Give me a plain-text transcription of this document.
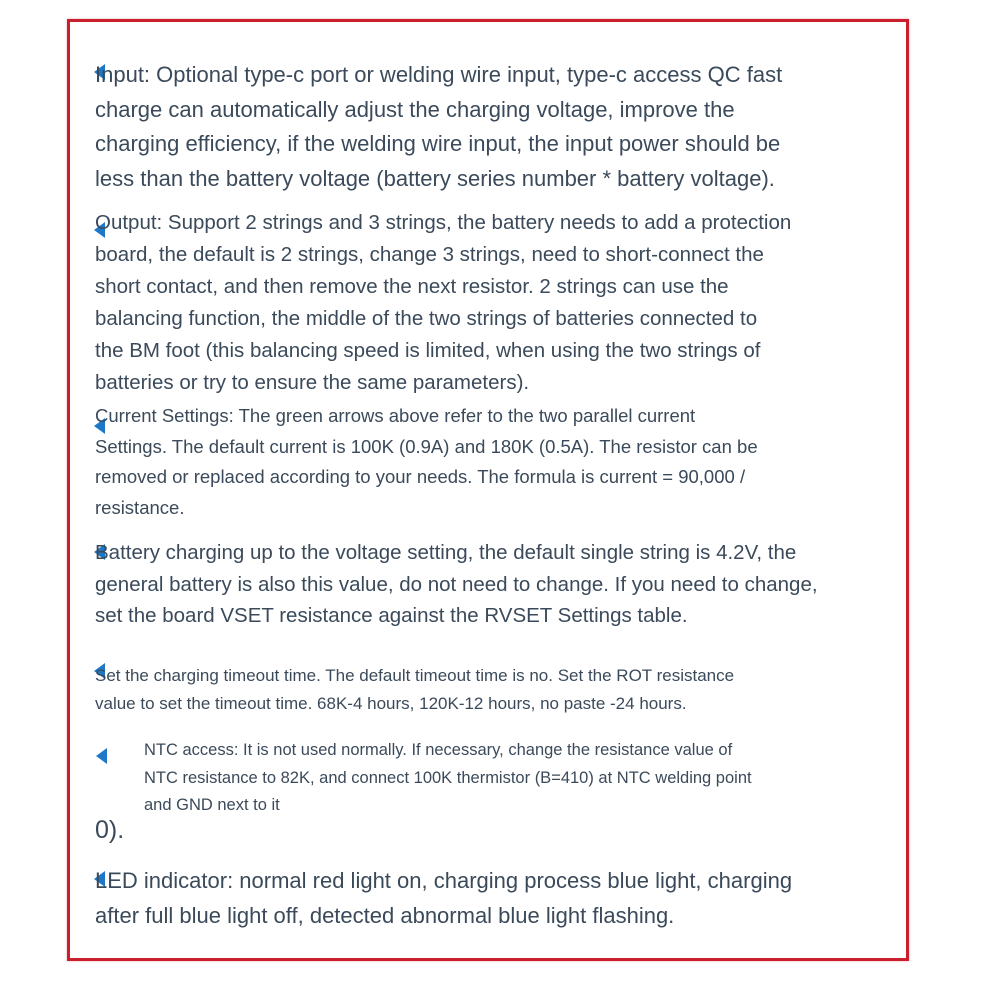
Input: Optional type-c port or welding wire input, type-c access QC fast
charge can automatically adjust the charging voltage, improve the
charging efficiency, if the welding wire input, the input power should be
less than the battery voltage (battery series number * battery voltage).

Output: Support 2 strings and 3 strings, the battery needs to add a protection
board, the default is 2 strings, change 3 strings, need to short-connect the
short contact, and then remove the next resistor. 2 strings can use the
balancing function, the middle of the two strings of batteries connected to
the BM foot (this balancing speed is limited, when using the two strings of
batteries or try to ensure the same parameters).

Current Settings: The green arrows above refer to the two parallel current
Settings. The default current is 100K (0.9A) and 180K (0.5A). The resistor can be
removed or replaced according to your needs. The formula is current = 90,000 /
resistance.

Battery charging up to the voltage setting, the default single string is 4.2V, the
general battery is also this value, do not need to change. If you need to change,
set the board VSET resistance against the RVSET Settings table.

Set the charging timeout time. The default timeout time is no. Set the ROT resistance
value to set the timeout time. 68K-4 hours, 120K-12 hours, no paste -24 hours.

NTC access: It is not used normally. If necessary, change the resistance value of
NTC resistance to 82K, and connect 100K thermistor (B=410) at NTC welding point
and GND next to it

0).

LED indicator: normal red light on, charging process blue light, charging
after full blue light off, detected abnormal blue light flashing.
